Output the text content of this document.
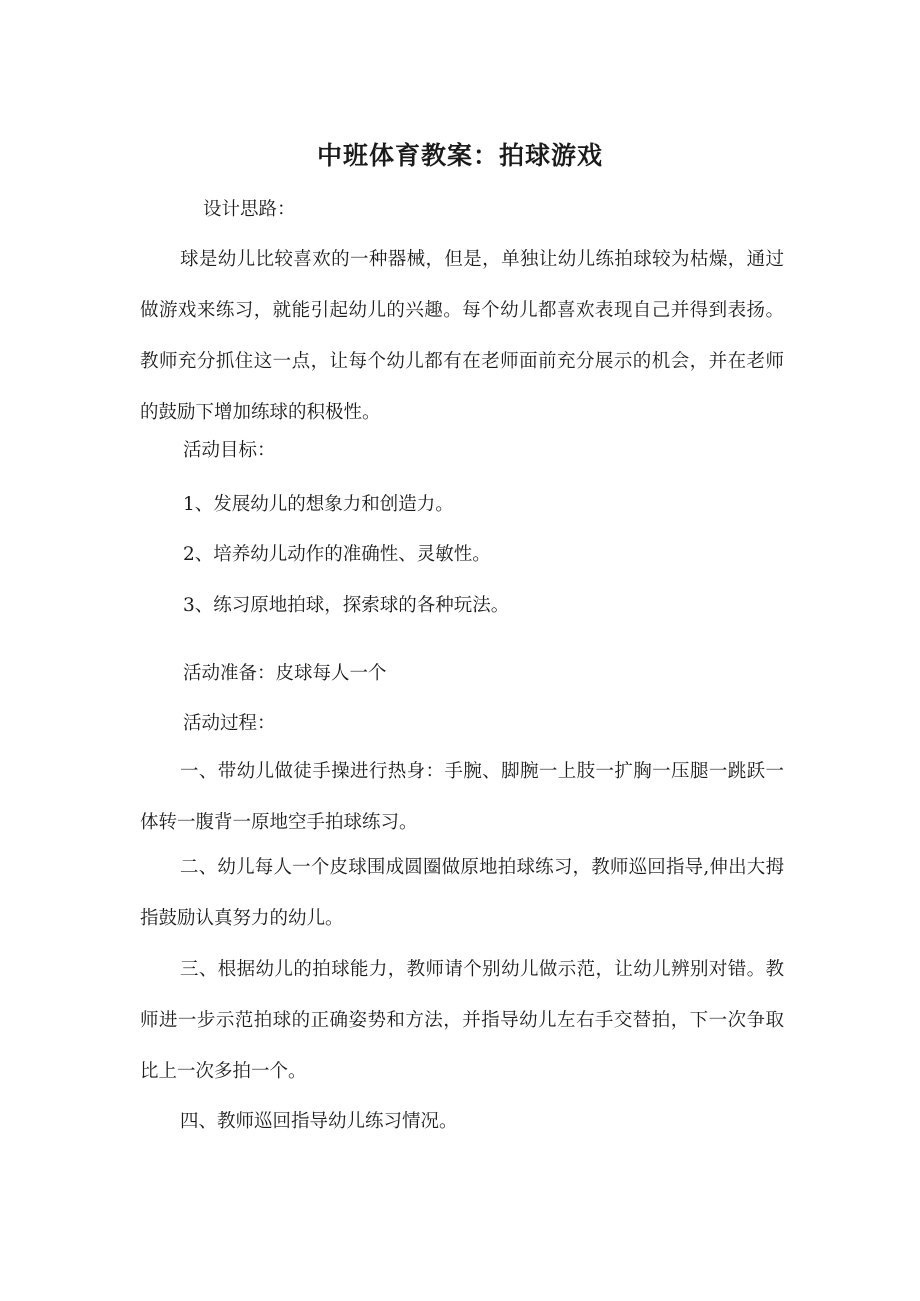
中班体育教案：拍球游戏
设计思路：

球是幼儿比较喜欢的一种器械，但是，单独让幼儿练拍球较为枯燥，通过做游戏来练习，就能引起幼儿的兴趣。每个幼儿都喜欢表现自己并得到表扬。教师充分抓住这一点，让每个幼儿都有在老师面前充分展示的机会，并在老师的鼓励下增加练球的积极性。

活动目标：
1、发展幼儿的想象力和创造力。
2、培养幼儿动作的准确性、灵敏性。
3、练习原地拍球，探索球的各种玩法。
活动准备：皮球每人一个
活动过程：

一、带幼儿做徒手操进行热身：手腕、脚腕一上肢一扩胸一压腿一跳跃一体转一腹背一原地空手拍球练习。

二、幼儿每人一个皮球围成圆圈做原地拍球练习，教师巡回指导,伸出大拇指鼓励认真努力的幼儿。

三、根据幼儿的拍球能力，教师请个别幼儿做示范，让幼儿辨别对错。教师进一步示范拍球的正确姿势和方法，并指导幼儿左右手交替拍，下一次争取比上一次多拍一个。

四、教师巡回指导幼儿练习情况。
